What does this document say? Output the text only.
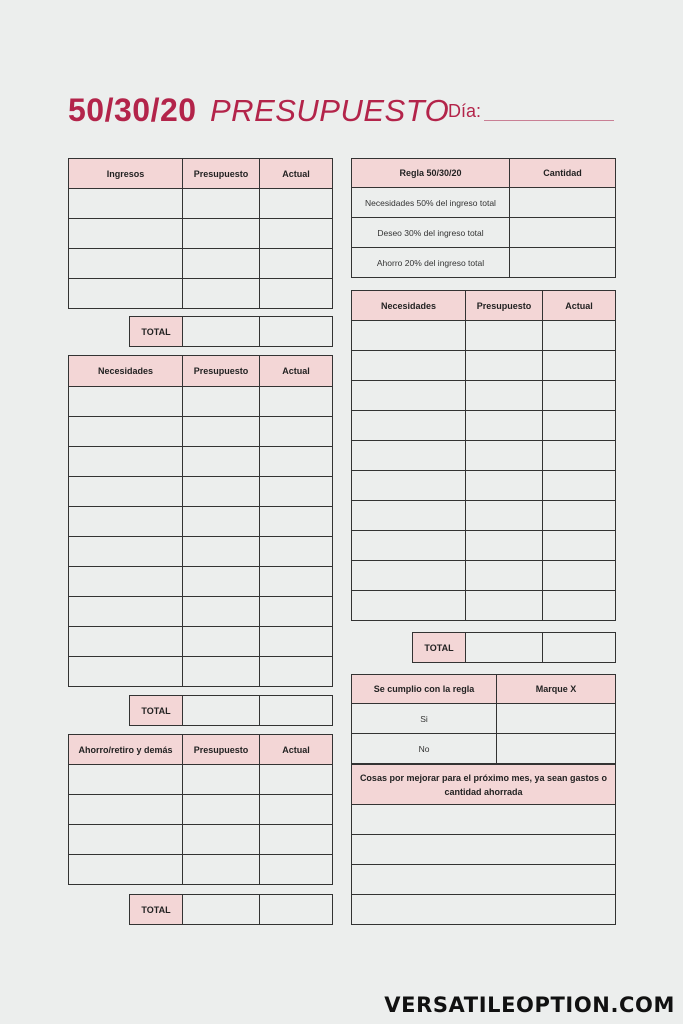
50/30/20 PRESUPUESTO
Día:
Ingresos	Presupuesto	Actual

TOTAL		
Necesidades	Presupuesto	Actual

TOTAL		
Ahorro/retiro y demás	Presupuesto	Actual

TOTAL		
Regla 50/30/20	Cantidad
Necesidades 50% del ingreso total	
Deseo 30% del ingreso total	
Ahorro 20% del ingreso total	
Necesidades	Presupuesto	Actual

TOTAL		
Se cumplio con la regla	Marque X
Si	
No	
Cosas por mejorar para el próximo mes, ya sean gastos o cantidad ahorrada

VERSATILEOPTION.COM
